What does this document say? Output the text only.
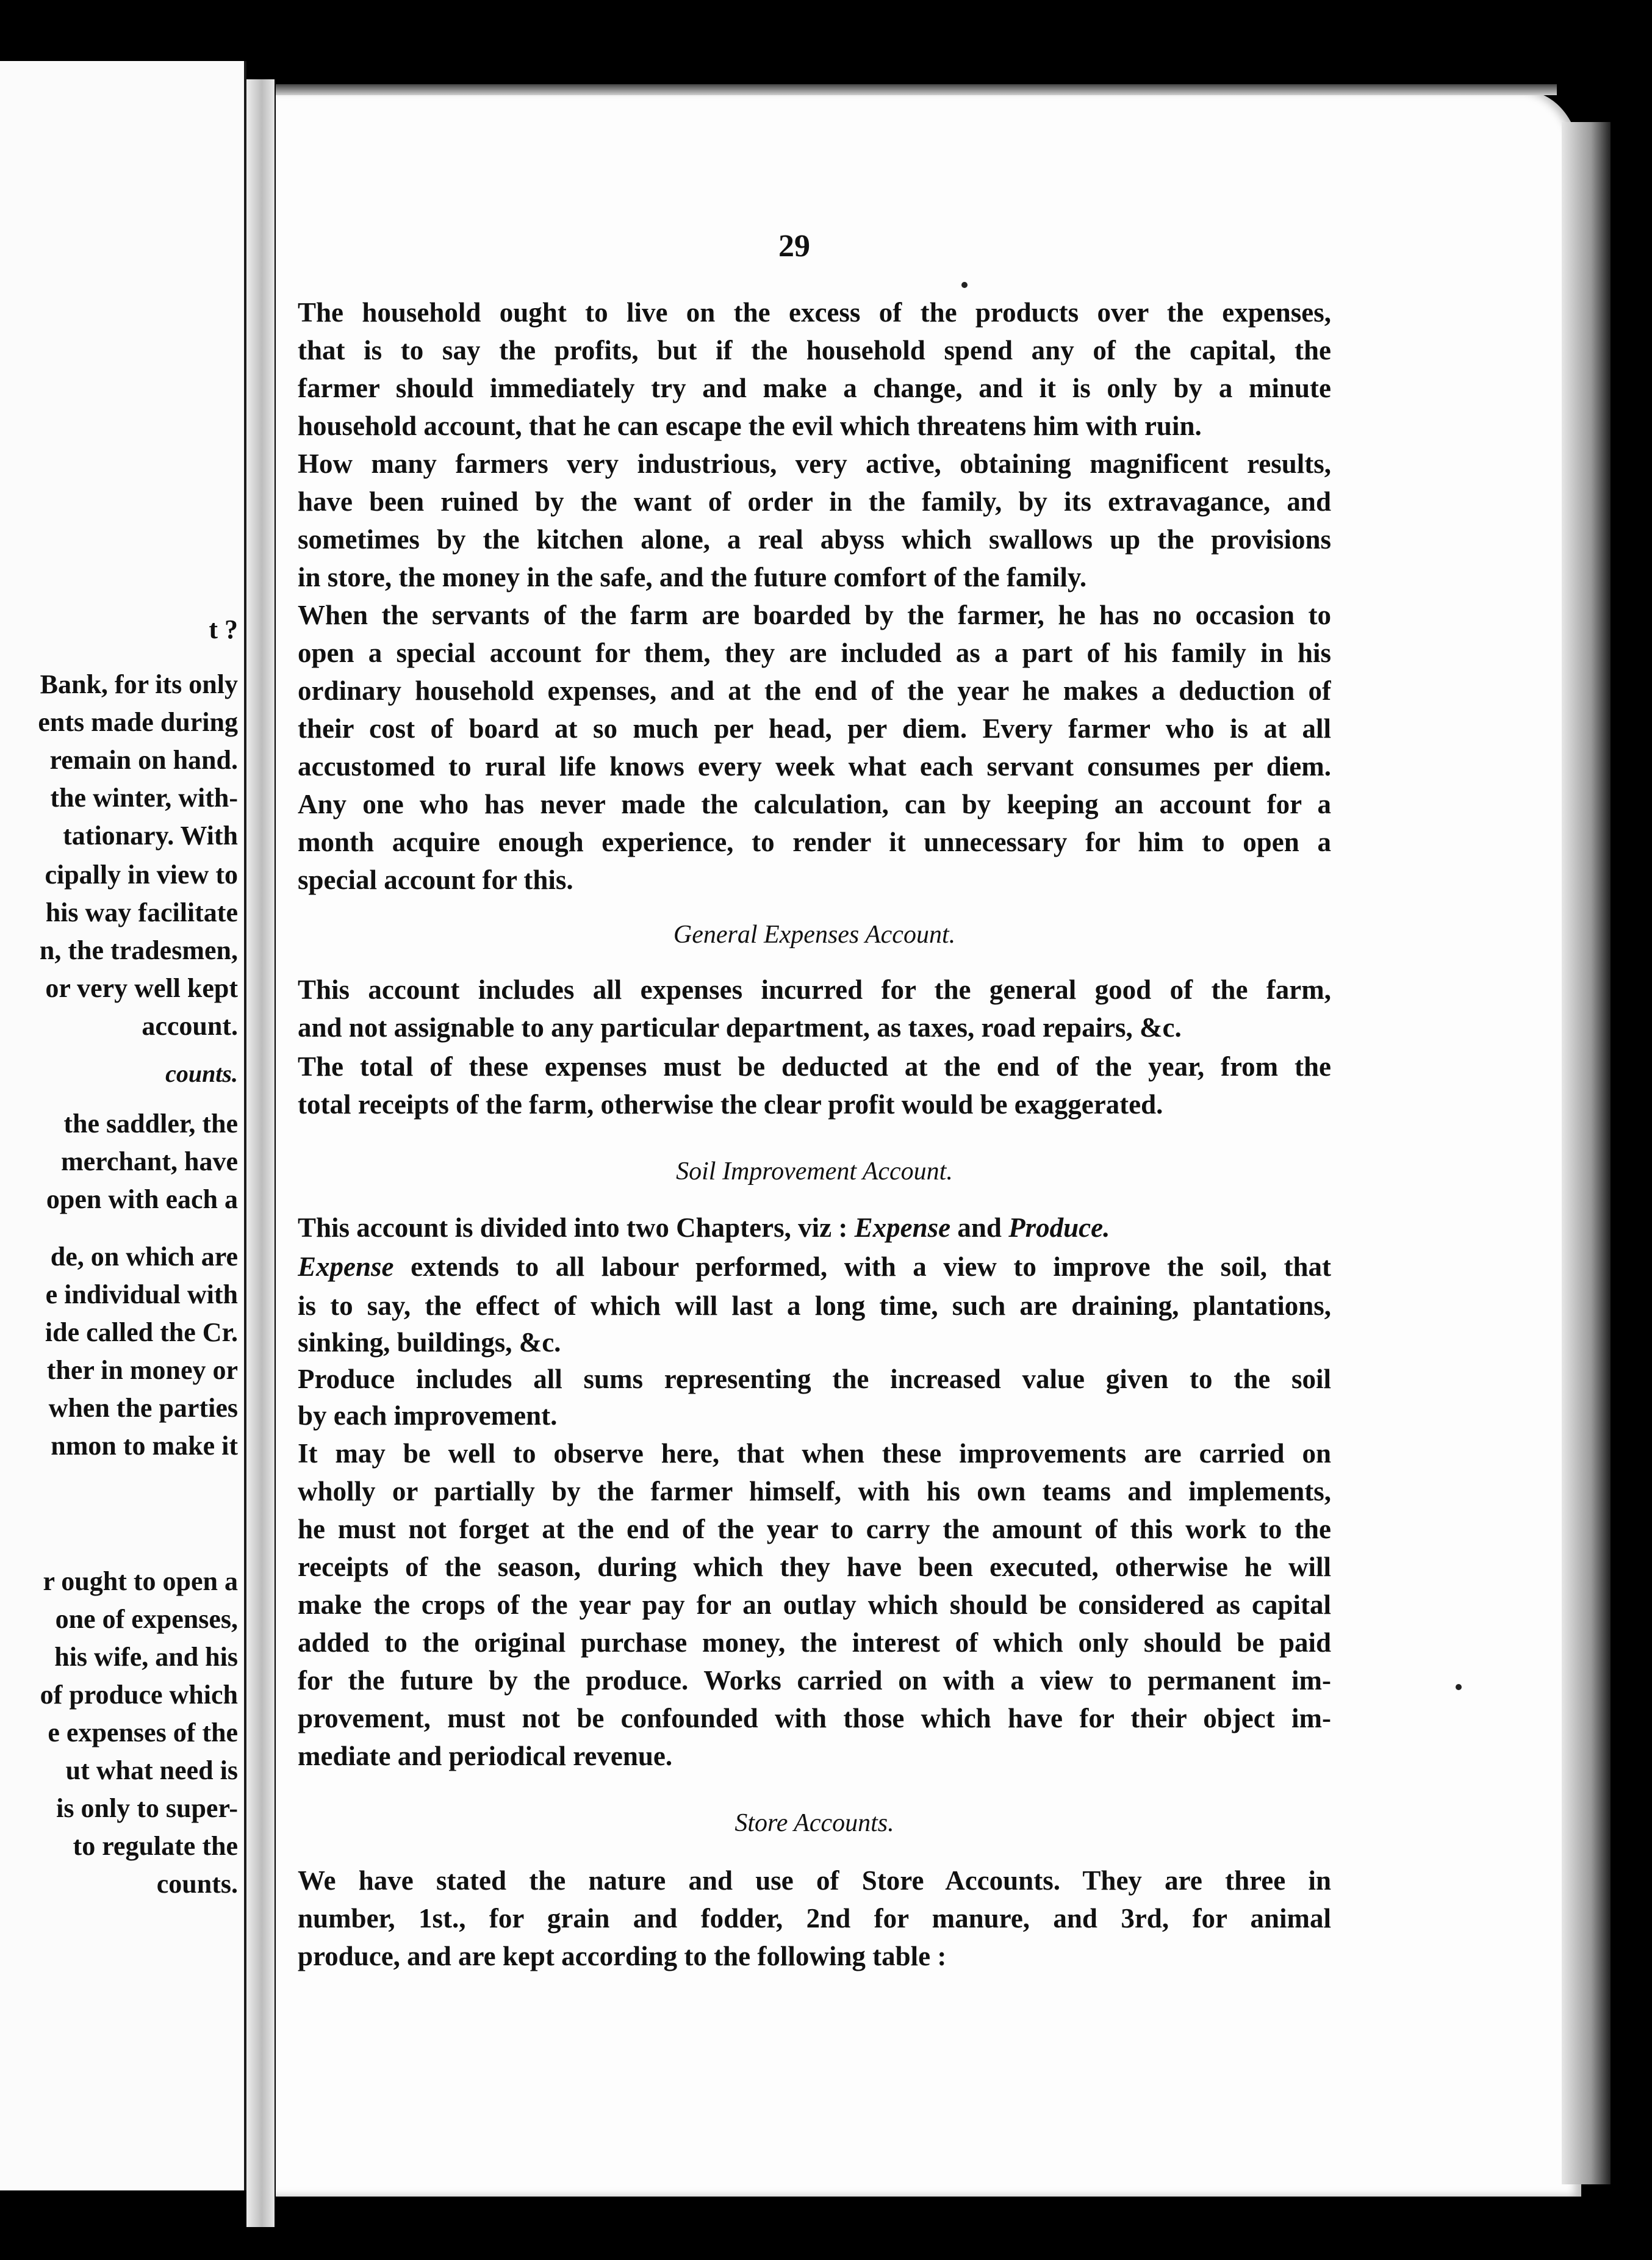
t ?
Bank, for its only
ents made during
remain on hand.
the winter, with-
tationary. With
cipally in view to
his way facilitate
n, the tradesmen,
or very well kept
account.
counts.
the saddler, the
merchant, have
open with each a
de, on which are
e individual with
ide called the Cr.
ther in money or
when the parties
nmon to make it
r ought to open a
one of expenses,
his wife, and his
of produce which
e expenses of the
ut what need is
is only to super-
to regulate the
counts.
29
The household ought to live on the excess of the products over the expenses,
that is to say the profits, but if the household spend any of the capital, the
farmer should immediately try and make a change, and it is only by a minute
household account, that he can escape the evil which threatens him with ruin.
How many farmers very industrious, very active, obtaining magnificent results,
have been ruined by the want of order in the family, by its extravagance, and
sometimes by the kitchen alone, a real abyss which swallows up the provisions
in store, the money in the safe, and the future comfort of the family.
When the servants of the farm are boarded by the farmer, he has no occasion to
open a special account for them, they are included as a part of his family in his
ordinary household expenses, and at the end of the year he makes a deduction of
their cost of board at so much per head, per diem. Every farmer who is at all
accustomed to rural life knows every week what each servant consumes per diem.
Any one who has never made the calculation, can by keeping an account for a
month acquire enough experience, to render it unnecessary for him to open a
special account for this.
General Expenses Account.
This account includes all expenses incurred for the general good of the farm,
and not assignable to any particular department, as taxes, road repairs, &c.
The total of these expenses must be deducted at the end of the year, from the
total receipts of the farm, otherwise the clear profit would be exaggerated.
Soil Improvement Account.
This account is divided into two Chapters, viz : Expense and Produce.
Expense extends to all labour performed, with a view to improve the soil, that
is to say, the effect of which will last a long time, such are draining, plantations,
sinking, buildings, &c.
Produce includes all sums representing the increased value given to the soil
by each improvement.
It may be well to observe here, that when these improvements are carried on
wholly or partially by the farmer himself, with his own teams and implements,
he must not forget at the end of the year to carry the amount of this work to the
receipts of the season, during which they have been executed, otherwise he will
make the crops of the year pay for an outlay which should be considered as capital
added to the original purchase money, the interest of which only should be paid
for the future by the produce. Works carried on with a view to permanent im-
provement, must not be confounded with those which have for their object im-
mediate and periodical revenue.
Store Accounts.
We have stated the nature and use of Store Accounts. They are three in
number, 1st., for grain and fodder, 2nd for manure, and 3rd, for animal
produce, and are kept according to the following table :
